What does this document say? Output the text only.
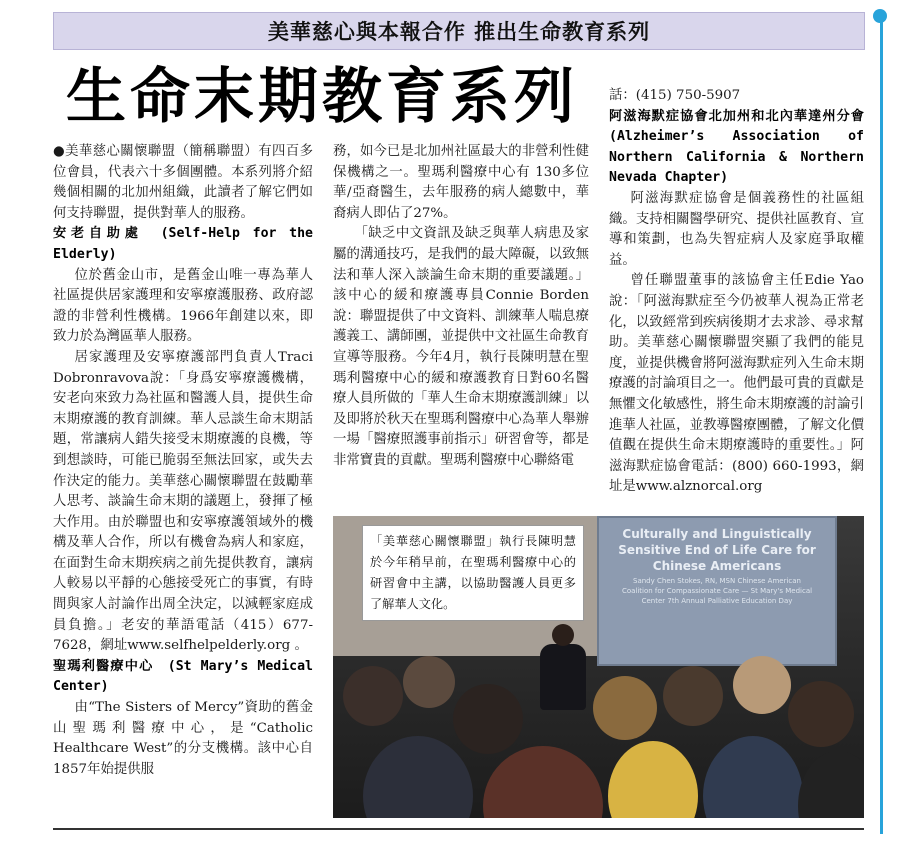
美華慈心與本報合作 推出生命教育系列
生命末期教育系列

●美華慈心關懷聯盟（簡稱聯盟）有四百多位會員，代表六十多個團體。本系列將介紹幾個相關的北加州組織，此讀者了解它們如何支持聯盟，提供對華人的服務。

安老自助處　(Self-Help for the Elderly)

位於舊金山市，是舊金山唯一專為華人社區提供居家護理和安寧療護服務、政府認證的非營利性機構。1966年創建以來，即致力於為灣區華人服務。

居家護理及安寧療護部門負責人Traci Dobronravova說：「身爲安寧療護機構，安老向來致力為社區和醫護人員，提供生命末期療護的教育訓練。華人忌談生命末期話題，常讓病人錯失接受末期療護的良機，等到想談時，可能已脆弱至無法回家，或失去作決定的能力。美華慈心關懷聯盟在鼓勵華人思考、談論生命末期的議題上，發揮了極大作用。由於聯盟也和安寧療護領域外的機構及華人合作，所以有機會為病人和家庭，在面對生命末期疾病之前先提供教育，讓病人較易以平靜的心態接受死亡的事實，有時間與家人討論作出周全決定，以減輕家庭成員負擔。」老安的華語電話（415）677-7628，網址www.selfhelpelderly.org 。

聖瑪利醫療中心　(St Mary’s Medical Center)

由“The Sisters of Mercy”資助的舊金山聖瑪利醫療中心，是“Catholic Healthcare West”的分支機構。該中心自1857年始提供服

務，如今已是北加州社區最大的非營利性健保機構之一。聖瑪利醫療中心有 130多位華/亞裔醫生，去年服務的病人總數中，華裔病人即佔了27%。

「缺乏中文資訊及缺乏與華人病患及家屬的溝通技巧，是我們的最大障礙，以致無法和華人深入談論生命末期的重要議題。」該中心的緩和療護專員Connie Borden 說：聯盟提供了中文資料、訓練華人喘息療護義工、講師團，並提供中文社區生命教育宣導等服務。今年4月，執行長陳明慧在聖瑪利醫療中心的緩和療護教育日對60名醫療人員所做的「華人生命末期療護訓練」以及即將於秋天在聖瑪利醫療中心為華人舉辦一場「醫療照護事前指示」研習會等，都是非常寶貴的貢獻。聖瑪利醫療中心聯絡電

話：(415) 750-5907

阿滋海默症協會北加州和北內華達州分會(Alzheimer’s Association of Northern California & Northern Nevada Chapter)

阿滋海默症協會是個義務性的社區組織。支持相關醫學研究、提供社區教育、宣導和策劃，也為失智症病人及家庭爭取權益。

曾任聯盟董事的該協會主任Edie Yao說：「阿滋海默症至今仍被華人視為正常老化，以致經常到疾病後期才去求診、尋求幫助。美華慈心關懷聯盟突顯了我們的能見度，並提供機會將阿滋海默症列入生命末期療護的討論項目之一。他們最可貴的貢獻是無懼文化敏感性，將生命末期療護的討論引進華人社區，並教導醫療團體，了解文化價值觀在提供生命末期療護時的重要性。」阿滋海默症協會電話：(800) 660-1993，網址是www.alznorcal.org

Culturally and Linguistically Sensitive End of Life Care for Chinese Americans
Sandy Chen Stokes, RN, MSN Chinese American Coalition for Compassionate Care — St Mary's Medical Center 7th Annual Palliative Education Day
「美華慈心關懷聯盟」執行長陳明慧於今年稍早前，在聖瑪利醫療中心的研習會中主講，以協助醫護人員更多了解華人文化。
